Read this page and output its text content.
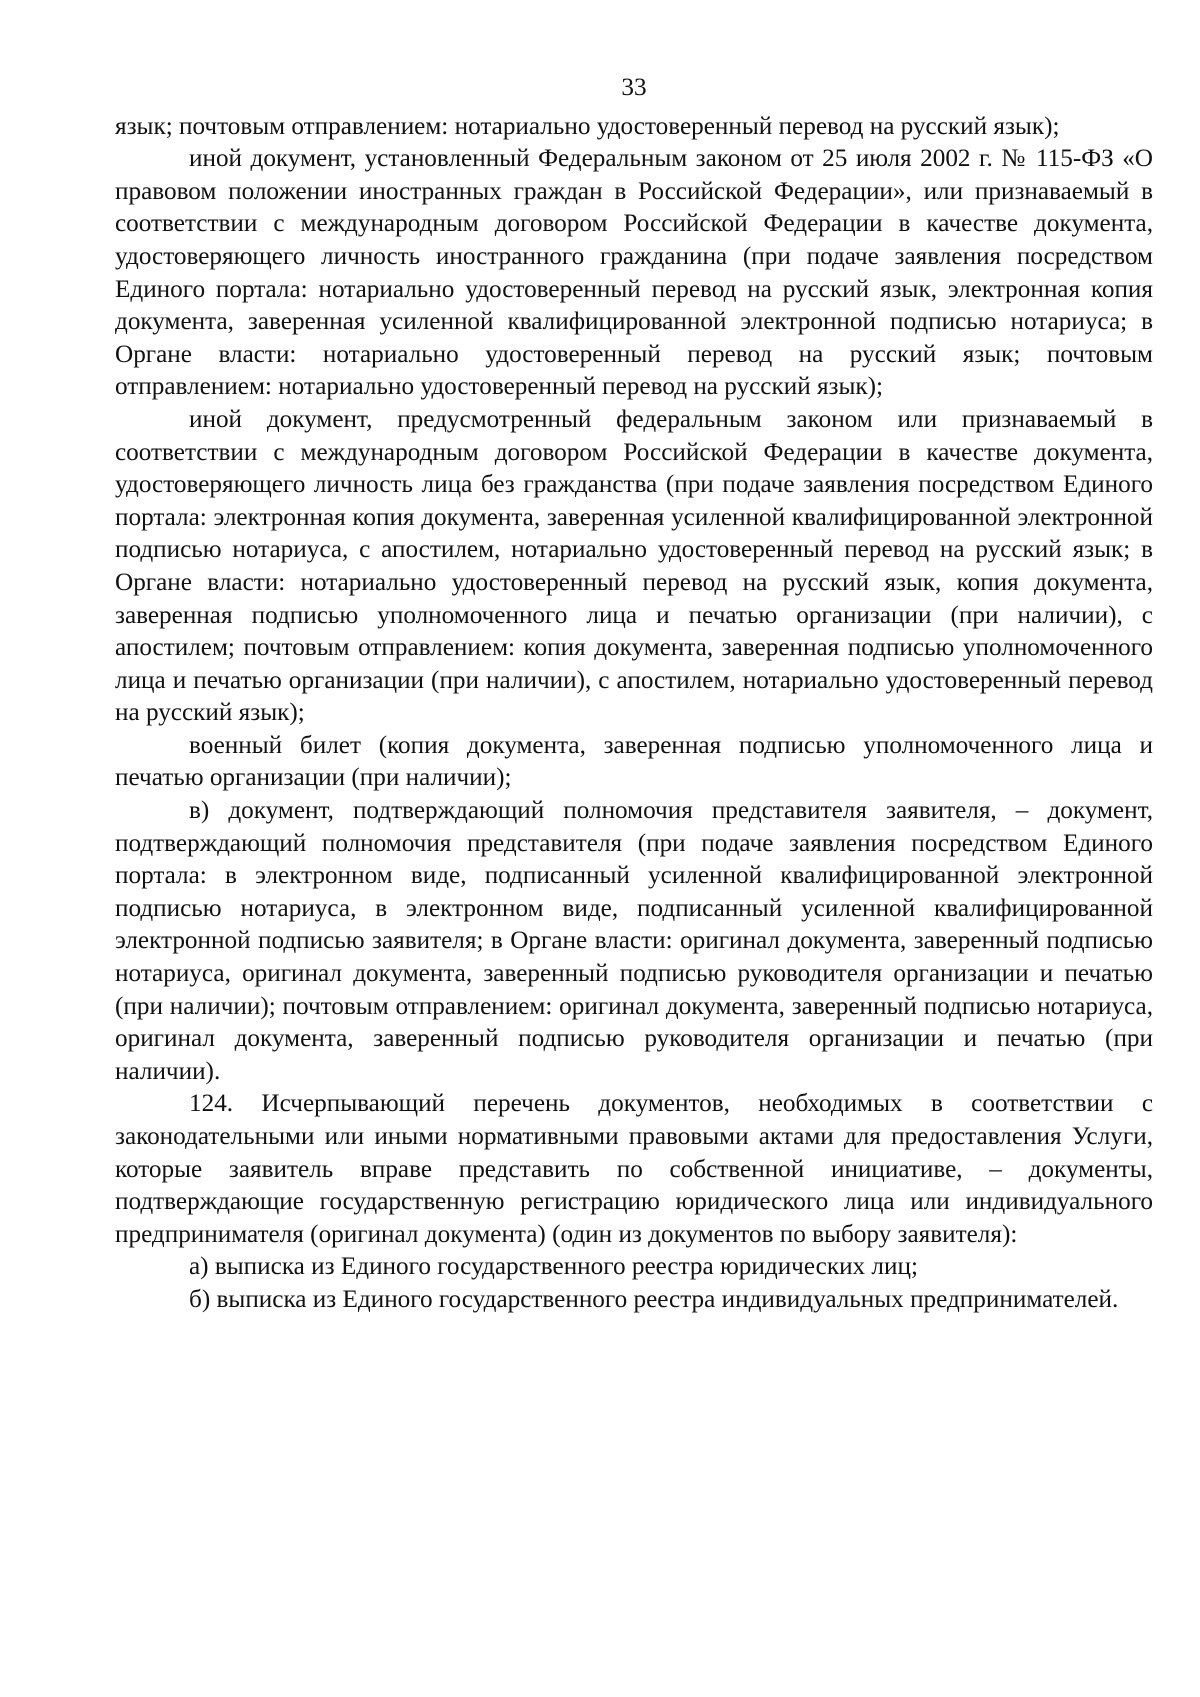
33

язык; почтовым отправлением: нотариально удостоверенный перевод на русский язык);

иной документ, установленный Федеральным законом от 25 июля 2002 г. № 115-ФЗ «О правовом положении иностранных граждан в Российской Федерации», или признаваемый в соответствии с международным договором Российской Федерации в качестве документа, удостоверяющего личность иностранного гражданина (при подаче заявления посредством Единого портала: нотариально удостоверенный перевод на русский язык, электронная копия документа, заверенная усиленной квалифицированной электронной подписью нотариуса; в Органе власти: нотариально удостоверенный перевод на русский язык; почтовым отправлением: нотариально удостоверенный перевод на русский язык);

иной документ, предусмотренный федеральным законом или признаваемый в соответствии с международным договором Российской Федерации в качестве документа, удостоверяющего личность лица без гражданства (при подаче заявления посредством Единого портала: электронная копия документа, заверенная усиленной квалифицированной электронной подписью нотариуса, с апостилем, нотариально удостоверенный перевод на русский язык; в Органе власти: нотариально удостоверенный перевод на русский язык, копия документа, заверенная подписью уполномоченного лица и печатью организации (при наличии), с апостилем; почтовым отправлением: копия документа, заверенная подписью уполномоченного лица и печатью организации (при наличии), с апостилем, нотариально удостоверенный перевод на русский язык);

военный билет (копия документа, заверенная подписью уполномоченного лица и печатью организации (при наличии);

в) документ, подтверждающий полномочия представителя заявителя, – документ, подтверждающий полномочия представителя (при подаче заявления посредством Единого портала: в электронном виде, подписанный усиленной квалифицированной электронной подписью нотариуса, в электронном виде, подписанный усиленной квалифицированной электронной подписью заявителя; в Органе власти: оригинал документа, заверенный подписью нотариуса, оригинал документа, заверенный подписью руководителя организации и печатью (при наличии); почтовым отправлением: оригинал документа, заверенный подписью нотариуса, оригинал документа, заверенный подписью руководителя организации и печатью (при наличии).

124. Исчерпывающий перечень документов, необходимых в соответствии с законодательными или иными нормативными правовыми актами для предоставления Услуги, которые заявитель вправе представить по собственной инициативе, – документы, подтверждающие государственную регистрацию юридического лица или индивидуального предпринимателя (оригинал документа) (один из документов по выбору заявителя):

а) выписка из Единого государственного реестра юридических лиц;

б) выписка из Единого государственного реестра индивидуальных предпринимателей.
